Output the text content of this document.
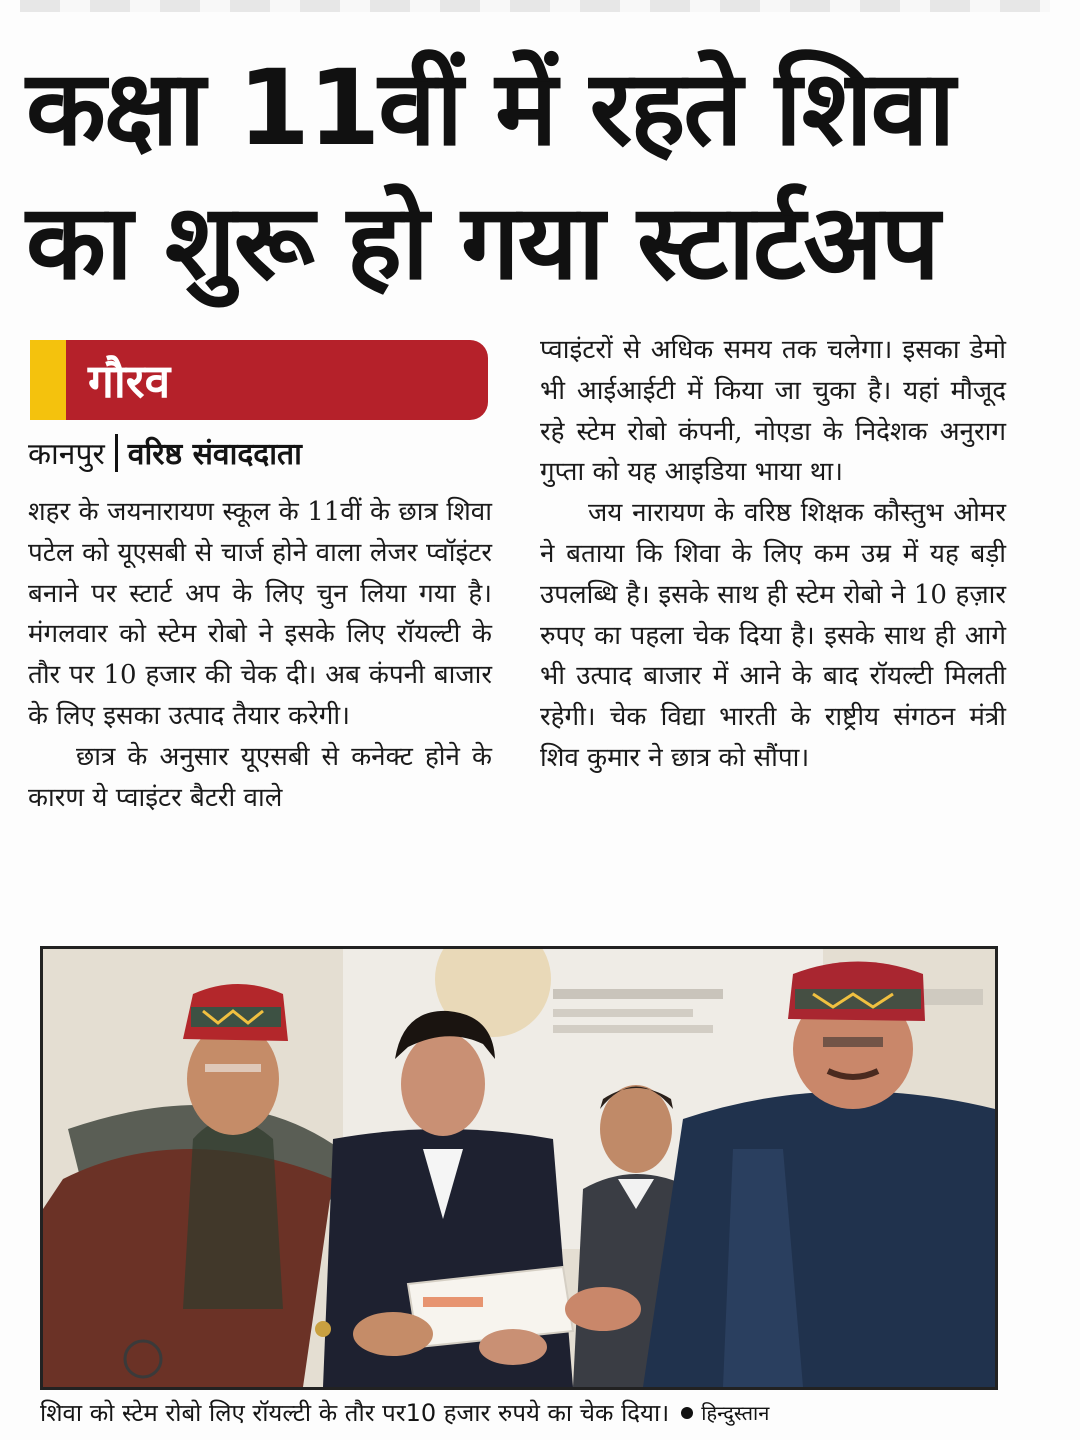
कक्षा 11वीं में रहते शिवा
का शुरू हो गया स्टार्टअप
गौरव
कानपुर वरिष्ठ संवाददाता

शहर के जयनारायण स्कूल के 11वीं के छात्र शिवा पटेल को यूएसबी से चार्ज होने वाला लेजर प्वॉइंटर बनाने पर स्टार्ट अप के लिए चुन लिया गया है। मंगलवार को स्टेम रोबो ने इसके लिए रॉयल्टी के तौर पर 10 हजार की चेक दी। अब कंपनी बाजार के लिए इसका उत्पाद तैयार करेगी।

छात्र के अनुसार यूएसबी से कनेक्ट होने के कारण ये प्वाइंटर बैटरी वाले

प्वाइंटरों से अधिक समय तक चलेगा। इसका डेमो भी आईआईटी में किया जा चुका है। यहां मौजूद रहे स्टेम रोबो कंपनी, नोएडा के निदेशक अनुराग गुप्ता को यह आइडिया भाया था।

जय नारायण के वरिष्ठ शिक्षक कौस्तुभ ओमर ने बताया कि शिवा के लिए कम उम्र में यह बड़ी उपलब्धि है। इसके साथ ही स्टेम रोबो ने 10 हज़ार रुपए का पहला चेक दिया है। इसके साथ ही आगे भी उत्पाद बाजार में आने के बाद रॉयल्टी मिलती रहेगी। चेक विद्या भारती के राष्ट्रीय संगठन मंत्री शिव कुमार ने छात्र को सौंपा।

शिवा को स्टेम रोबो लिए रॉयल्टी के तौर पर10 हजार रुपये का चेक दिया। हिन्दुस्तान
